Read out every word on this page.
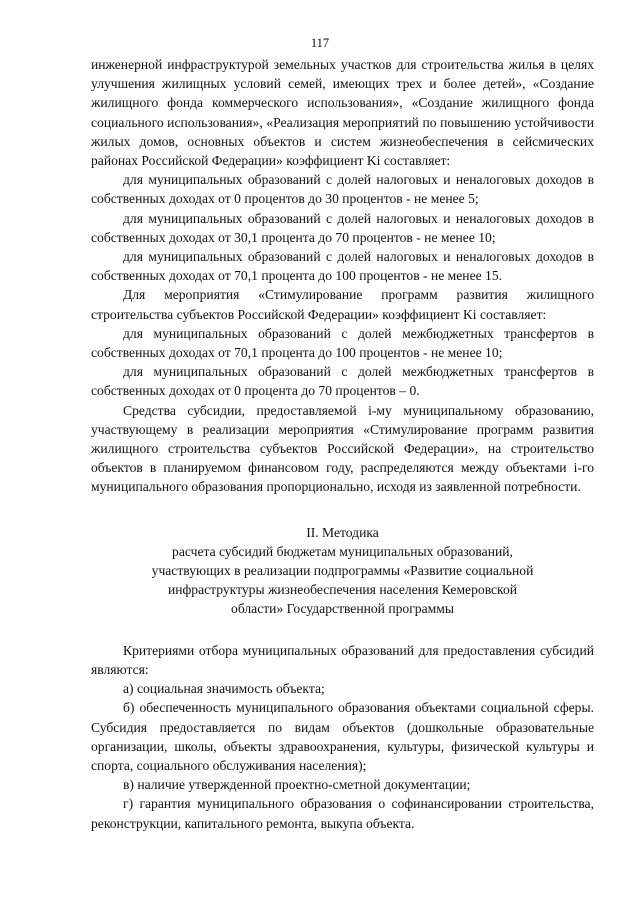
117

инженерной инфраструктурой земельных участков для строительства жилья в целях улучшения жилищных условий семей, имеющих трех и более детей», «Создание жилищного фонда коммерческого использования», «Создание жилищного фонда социального использования», «Реализация мероприятий по повышению устойчивости жилых домов, основных объектов и систем жизнеобеспечения в сейсмических районах Российской Федерации» коэффициент Ki составляет:

для муниципальных образований с долей налоговых и неналоговых доходов в собственных доходах от 0 процентов до 30 процентов - не менее 5;

для муниципальных образований с долей налоговых и неналоговых доходов в собственных доходах от 30,1 процента до 70 процентов - не менее 10;

для муниципальных образований с долей налоговых и неналоговых доходов в собственных доходах от 70,1 процента до 100 процентов - не менее 15.

Для мероприятия «Стимулирование программ развития жилищного строительства субъектов Российской Федерации» коэффициент Ki составляет:

для муниципальных образований с долей межбюджетных трансфертов в собственных доходах от 70,1 процента до 100 процентов - не менее 10;

для муниципальных образований с долей межбюджетных трансфертов в собственных доходах от 0 процента до 70 процентов – 0.

Средства субсидии, предоставляемой i-му муниципальному образованию, участвующему в реализации мероприятия «Стимулирование программ развития жилищного строительства субъектов Российской Федерации», на строительство объектов в планируемом финансовом году, распределяются между объектами i-го муниципального образования пропорционально, исходя из заявленной потребности.

II. Методика
расчета субсидий бюджетам муниципальных образований,
участвующих в реализации подпрограммы «Развитие социальной
инфраструктуры жизнеобеспечения населения Кемеровской
области» Государственной программы

Критериями отбора муниципальных образований для предоставления субсидий являются:

а) социальная значимость объекта;

б) обеспеченность муниципального образования объектами социальной сферы. Субсидия предоставляется по видам объектов (дошкольные образовательные организации, школы, объекты здравоохранения, культуры, физической культуры и спорта, социального обслуживания населения);

в) наличие утвержденной проектно-сметной документации;

г) гарантия муниципального образования о софинансировании строительства, реконструкции, капитального ремонта, выкупа объекта.
